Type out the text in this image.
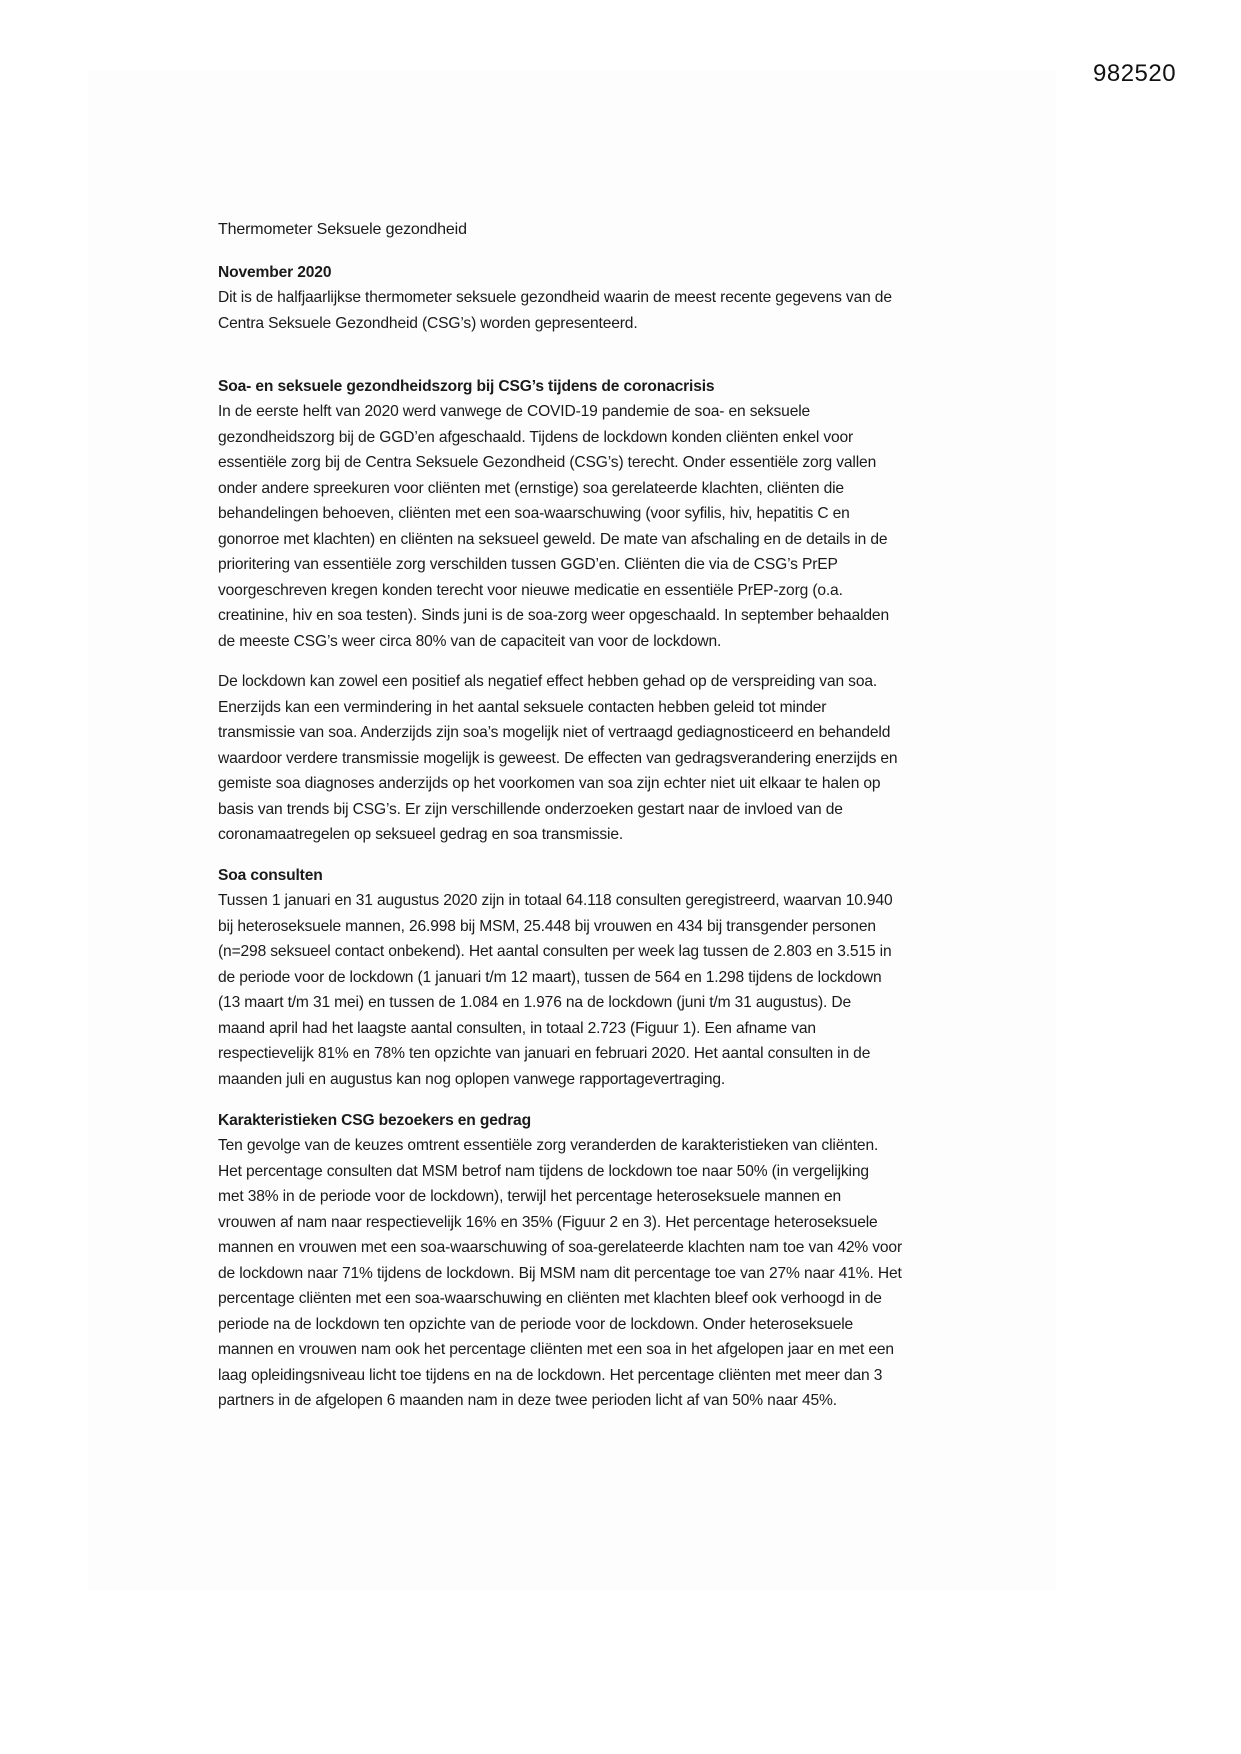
982520
Thermometer Seksuele gezondheid
November 2020
Dit is de halfjaarlijkse thermometer seksuele gezondheid waarin de meest recente gegevens van de
Centra Seksuele Gezondheid (CSG’s) worden gepresenteerd.
Soa- en seksuele gezondheidszorg bij CSG’s tijdens de coronacrisis
In de eerste helft van 2020 werd vanwege de COVID-19 pandemie de soa- en seksuele
gezondheidszorg bij de GGD’en afgeschaald. Tijdens de lockdown konden cliënten enkel voor
essentiële zorg bij de Centra Seksuele Gezondheid (CSG’s) terecht. Onder essentiële zorg vallen
onder andere spreekuren voor cliënten met (ernstige) soa gerelateerde klachten, cliënten die
behandelingen behoeven, cliënten met een soa-waarschuwing (voor syfilis, hiv, hepatitis C en
gonorroe met klachten) en cliënten na seksueel geweld. De mate van afschaling en de details in de
prioritering van essentiële zorg verschilden tussen GGD’en. Cliënten die via de CSG’s PrEP
voorgeschreven kregen konden terecht voor nieuwe medicatie en essentiële PrEP-zorg (o.a.
creatinine, hiv en soa testen). Sinds juni is de soa-zorg weer opgeschaald. In september behaalden
de meeste CSG’s weer circa 80% van de capaciteit van voor de lockdown.
De lockdown kan zowel een positief als negatief effect hebben gehad op de verspreiding van soa.
Enerzijds kan een vermindering in het aantal seksuele contacten hebben geleid tot minder
transmissie van soa. Anderzijds zijn soa’s mogelijk niet of vertraagd gediagnosticeerd en behandeld
waardoor verdere transmissie mogelijk is geweest. De effecten van gedragsverandering enerzijds en
gemiste soa diagnoses anderzijds op het voorkomen van soa zijn echter niet uit elkaar te halen op
basis van trends bij CSG’s. Er zijn verschillende onderzoeken gestart naar de invloed van de
coronamaatregelen op seksueel gedrag en soa transmissie.
Soa consulten
Tussen 1 januari en 31 augustus 2020 zijn in totaal 64.118 consulten geregistreerd, waarvan 10.940
bij heteroseksuele mannen, 26.998 bij MSM, 25.448 bij vrouwen en 434 bij transgender personen
(n=298 seksueel contact onbekend). Het aantal consulten per week lag tussen de 2.803 en 3.515 in
de periode voor de lockdown (1 januari t/m 12 maart), tussen de 564 en 1.298 tijdens de lockdown
(13 maart t/m 31 mei) en tussen de 1.084 en 1.976 na de lockdown (juni t/m 31 augustus). De
maand april had het laagste aantal consulten, in totaal 2.723 (Figuur 1). Een afname van
respectievelijk 81% en 78% ten opzichte van januari en februari 2020. Het aantal consulten in de
maanden juli en augustus kan nog oplopen vanwege rapportagevertraging.
Karakteristieken CSG bezoekers en gedrag
Ten gevolge van de keuzes omtrent essentiële zorg veranderden de karakteristieken van cliënten.
Het percentage consulten dat MSM betrof nam tijdens de lockdown toe naar 50% (in vergelijking
met 38% in de periode voor de lockdown), terwijl het percentage heteroseksuele mannen en
vrouwen af nam naar respectievelijk 16% en 35% (Figuur 2 en 3). Het percentage heteroseksuele
mannen en vrouwen met een soa-waarschuwing of soa-gerelateerde klachten nam toe van 42% voor
de lockdown naar 71% tijdens de lockdown. Bij MSM nam dit percentage toe van 27% naar 41%. Het
percentage cliënten met een soa-waarschuwing en cliënten met klachten bleef ook verhoogd in de
periode na de lockdown ten opzichte van de periode voor de lockdown. Onder heteroseksuele
mannen en vrouwen nam ook het percentage cliënten met een soa in het afgelopen jaar en met een
laag opleidingsniveau licht toe tijdens en na de lockdown. Het percentage cliënten met meer dan 3
partners in de afgelopen 6 maanden nam in deze twee perioden licht af van 50% naar 45%.
